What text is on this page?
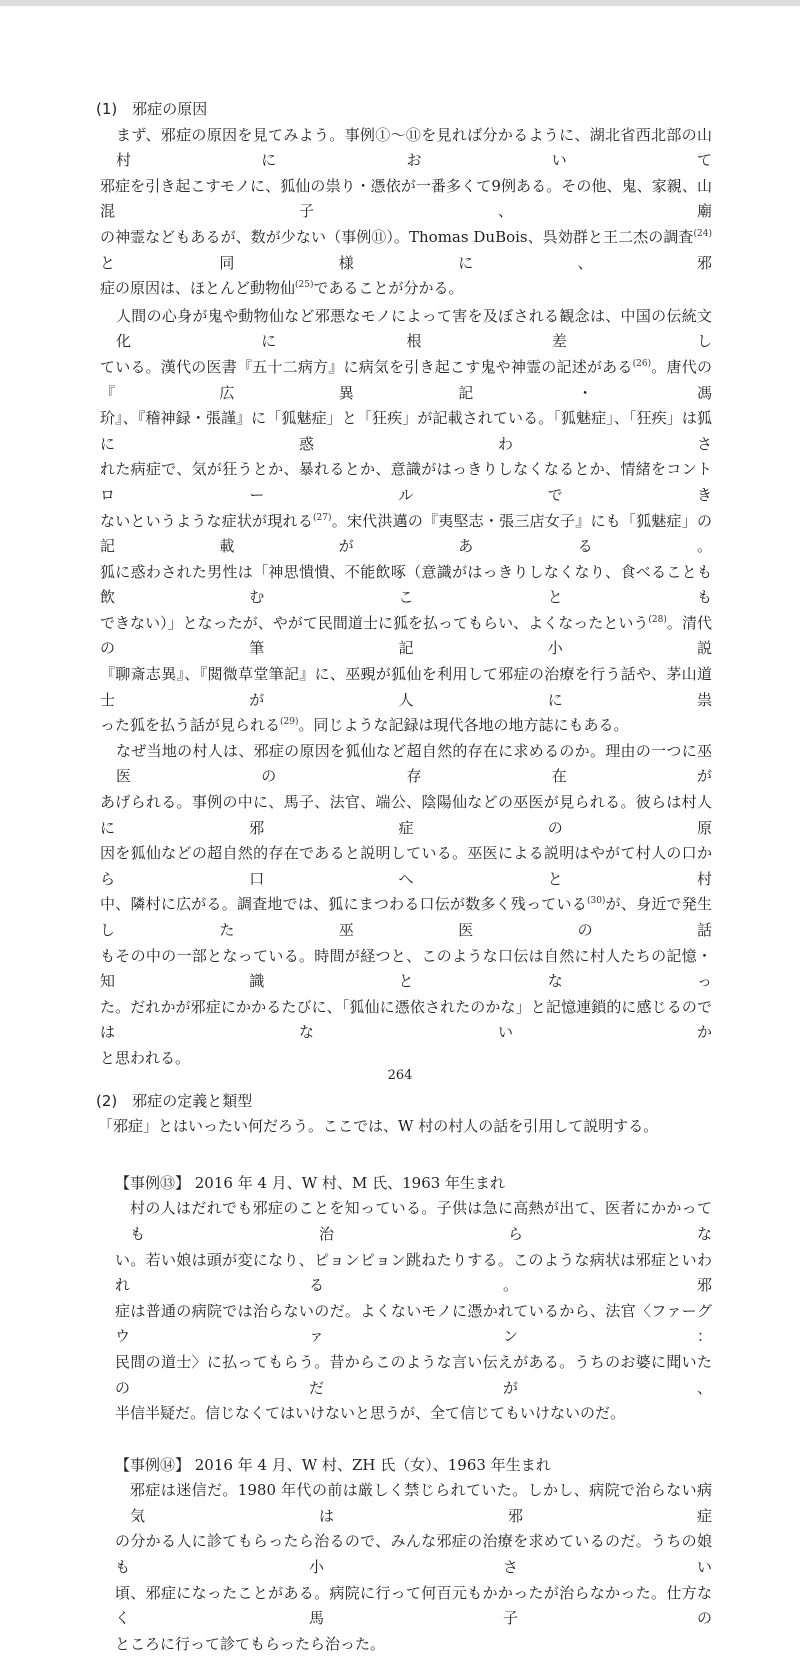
(1)　邪症の原因
まず、邪症の原因を見てみよう。事例①〜⑪を見れば分かるように、湖北省西北部の山村において
邪症を引き起こすモノに、狐仙の祟り・憑依が一番多くて9例ある。その他、鬼、家親、山混子、廟
の神霊などもあるが、数が少ない（事例⑪）。Thomas DuBois、呉効群と王二杰の調査$^{(24)}$と同様に、邪
症の原因は、ほとんど動物仙$^{(25)}$であることが分かる。
人間の心身が鬼や動物仙など邪悪なモノによって害を及ぼされる観念は、中国の伝統文化に根差し
ている。漢代の医書『五十二病方』に病気を引き起こす鬼や神霊の記述がある$^{(26)}$。唐代の『広異記・馮
玠』、『稽神録・張謹』に「狐魅症」と「狂疾」が記載されている。「狐魅症」、「狂疾」は狐に惑わさ
れた病症で、気が狂うとか、暴れるとか、意識がはっきりしなくなるとか、情緒をコントロールでき
ないというような症状が現れる$^{(27)}$。宋代洪邁の『夷堅志・張三店女子』にも「狐魅症」の記載がある。
狐に惑わされた男性は「神思憒憒、不能飲啄（意識がはっきりしなくなり、食べることも飲むことも
できない）」となったが、やがて民間道士に狐を払ってもらい、よくなったという$^{(28)}$。清代の筆記小説
『聊斎志異』、『閲微草堂筆記』に、巫覡が狐仙を利用して邪症の治療を行う話や、茅山道士が人に祟
った狐を払う話が見られる$^{(29)}$。同じような記録は現代各地の地方誌にもある。
なぜ当地の村人は、邪症の原因を狐仙など超自然的存在に求めるのか。理由の一つに巫医の存在が
あげられる。事例の中に、馬子、法官、端公、陰陽仙などの巫医が見られる。彼らは村人に邪症の原
因を狐仙などの超自然的存在であると説明している。巫医による説明はやがて村人の口から口へと村
中、隣村に広がる。調査地では、狐にまつわる口伝が数多く残っている$^{(30)}$が、身近で発生した巫医の話
もその中の一部となっている。時間が経つと、このような口伝は自然に村人たちの記憶・知識となっ
た。だれかが邪症にかかるたびに、「狐仙に憑依されたのかな」と記憶連鎖的に感じるのではないか
と思われる。
(2)　邪症の定義と類型
「邪症」とはいったい何だろう。ここでは、W 村の村人の話を引用して説明する。
【事例⑬】 2016 年 4 月、W 村、M 氏、1963 年生まれ
村の人はだれでも邪症のことを知っている。子供は急に高熱が出て、医者にかかっても治らな
い。若い娘は頭が変になり、ピョンピョン跳ねたりする。このような病状は邪症といわれる。邪
症は普通の病院では治らないのだ。よくないモノに憑かれているから、法官〈ファーグウァン：
民間の道士〉に払ってもらう。昔からこのような言い伝えがある。うちのお婆に聞いたのだが、
半信半疑だ。信じなくてはいけないと思うが、全て信じてもいけないのだ。
【事例⑭】 2016 年 4 月、W 村、ZH 氏（女）、1963 年生まれ
邪症は迷信だ。1980 年代の前は厳しく禁じられていた。しかし、病院で治らない病気は邪症
の分かる人に診てもらったら治るので、みんな邪症の治療を求めているのだ。うちの娘も小さい
頃、邪症になったことがある。病院に行って何百元もかかったが治らなかった。仕方なく馬子の
ところに行って診てもらったら治った。
264
